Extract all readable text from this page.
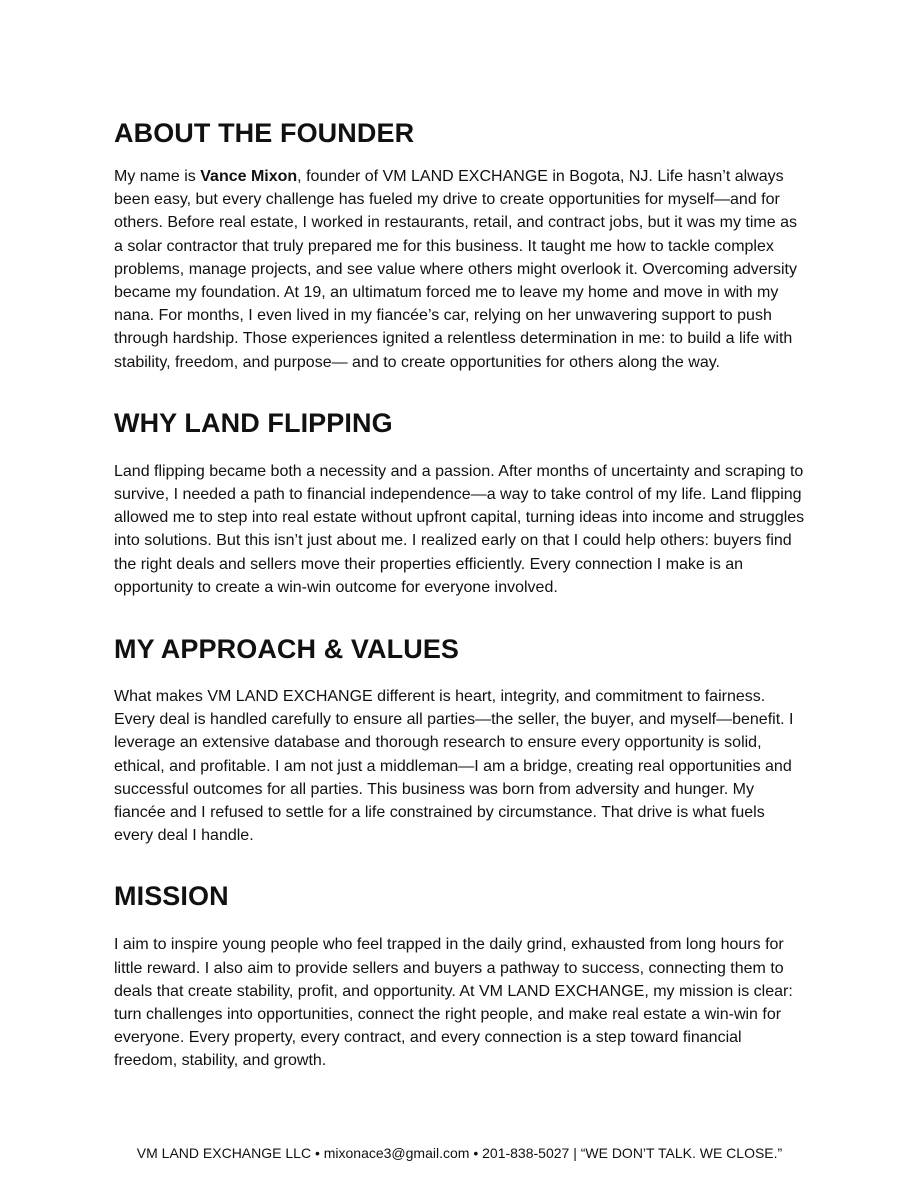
ABOUT THE FOUNDER

My name is Vance Mixon, founder of VM LAND EXCHANGE in Bogota, NJ. Life hasn’t always been easy, but every challenge has fueled my drive to create opportunities for myself—and for others. Before real estate, I worked in restaurants, retail, and contract jobs, but it was my time as a solar contractor that truly prepared me for this business. It taught me how to tackle complex problems, manage projects, and see value where others might overlook it. Overcoming adversity became my foundation. At 19, an ultimatum forced me to leave my home and move in with my nana. For months, I even lived in my fiancée’s car, relying on her unwavering support to push through hardship. Those experiences ignited a relentless determination in me: to build a life with stability, freedom, and purpose— and to create opportunities for others along the way.

WHY LAND FLIPPING

Land flipping became both a necessity and a passion. After months of uncertainty and scraping to survive, I needed a path to financial independence—a way to take control of my life. Land flipping allowed me to step into real estate without upfront capital, turning ideas into income and struggles into solutions. But this isn’t just about me. I realized early on that I could help others: buyers find the right deals and sellers move their properties efficiently. Every connection I make is an opportunity to create a win-win outcome for everyone involved.

MY APPROACH & VALUES

What makes VM LAND EXCHANGE different is heart, integrity, and commitment to fairness. Every deal is handled carefully to ensure all parties—the seller, the buyer, and myself—benefit. I leverage an extensive database and thorough research to ensure every opportunity is solid, ethical, and profitable. I am not just a middleman—I am a bridge, creating real opportunities and successful outcomes for all parties. This business was born from adversity and hunger. My fiancée and I refused to settle for a life constrained by circumstance. That drive is what fuels every deal I handle.

MISSION

I aim to inspire young people who feel trapped in the daily grind, exhausted from long hours for little reward. I also aim to provide sellers and buyers a pathway to success, connecting them to deals that create stability, profit, and opportunity. At VM LAND EXCHANGE, my mission is clear: turn challenges into opportunities, connect the right people, and make real estate a win-win for everyone. Every property, every contract, and every connection is a step toward financial freedom, stability, and growth.

VM LAND EXCHANGE LLC • mixonace3@gmail.com • 201-838-5027 | “WE DON’T TALK. WE CLOSE.”
